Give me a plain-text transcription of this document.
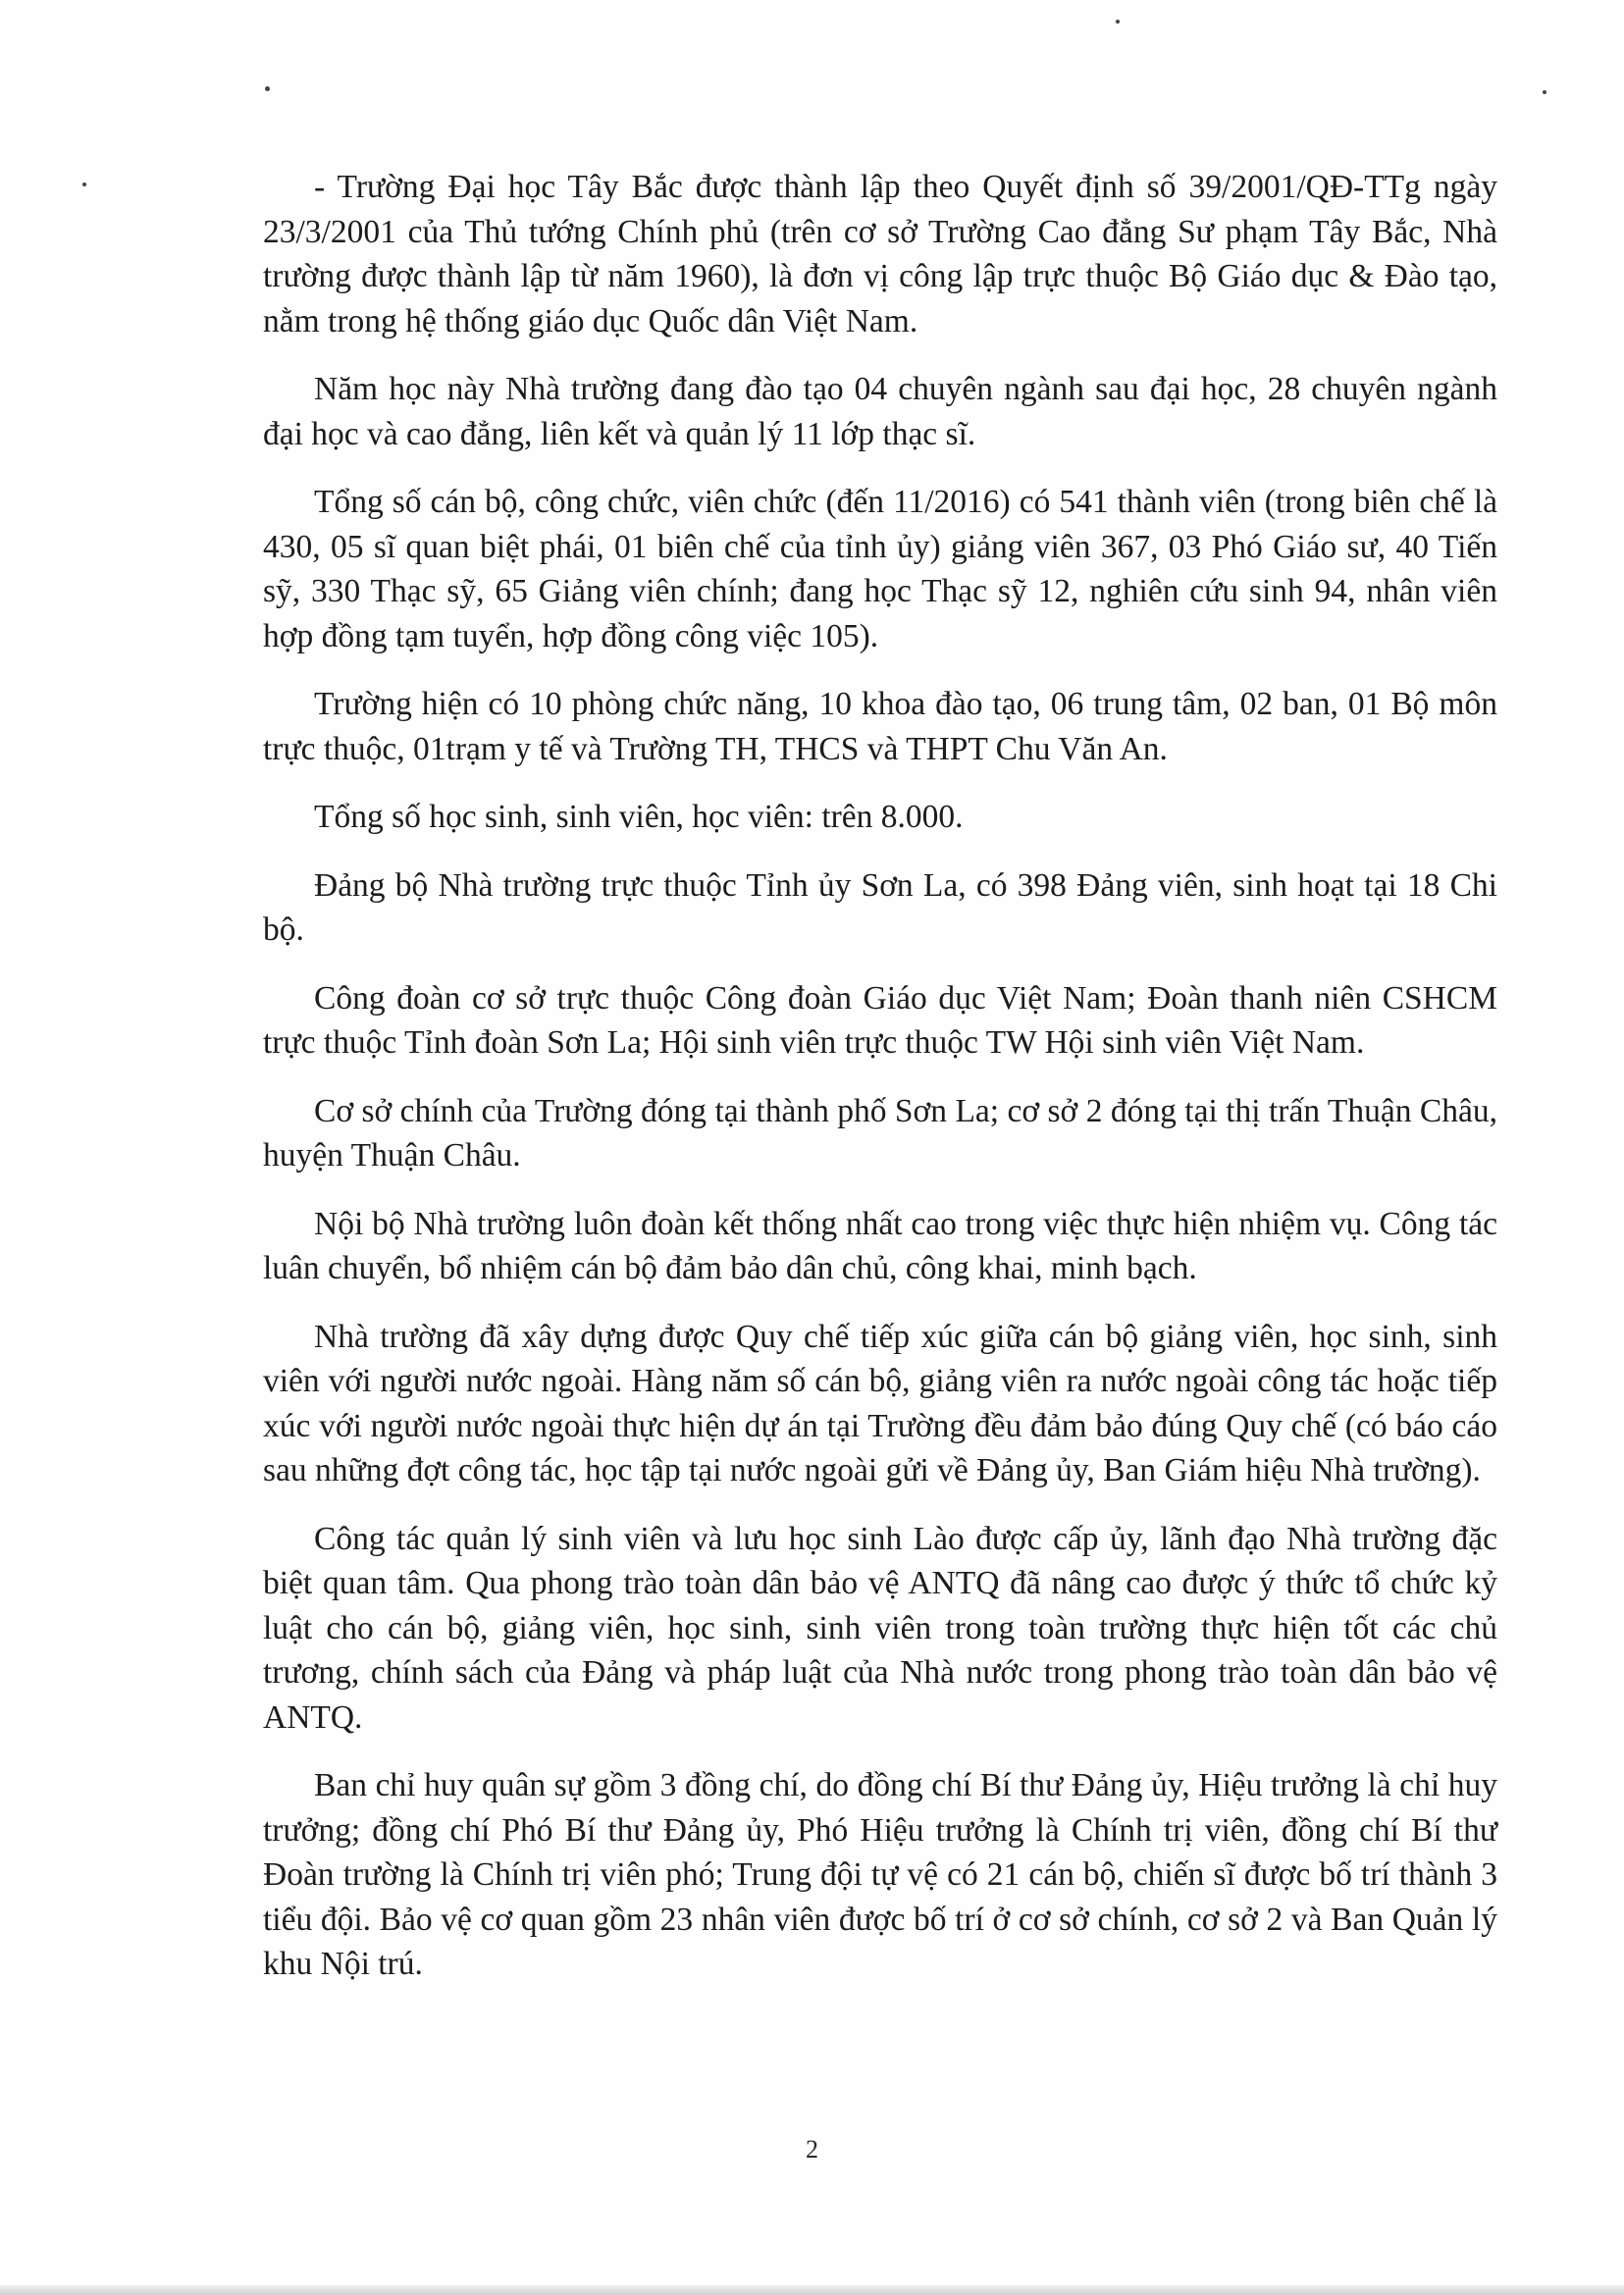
- Trường Đại học Tây Bắc được thành lập theo Quyết định số 39/2001/QĐ-TTg ngày 23/3/2001 của Thủ tướng Chính phủ (trên cơ sở Trường Cao đẳng Sư phạm Tây Bắc, Nhà trường được thành lập từ năm 1960), là đơn vị công lập trực thuộc Bộ Giáo dục & Đào tạo, nằm trong hệ thống giáo dục Quốc dân Việt Nam.

Năm học này Nhà trường đang đào tạo 04 chuyên ngành sau đại học, 28 chuyên ngành đại học và cao đẳng, liên kết và quản lý 11 lớp thạc sĩ.

Tổng số cán bộ, công chức, viên chức (đến 11/2016) có 541 thành viên (trong biên chế là 430, 05 sĩ quan biệt phái, 01 biên chế của tỉnh ủy) giảng viên 367, 03 Phó Giáo sư, 40 Tiến sỹ, 330 Thạc sỹ, 65 Giảng viên chính; đang học Thạc sỹ 12, nghiên cứu sinh 94, nhân viên hợp đồng tạm tuyển, hợp đồng công việc 105).

Trường hiện có 10 phòng chức năng, 10 khoa đào tạo, 06 trung tâm, 02 ban, 01 Bộ môn trực thuộc, 01trạm y tế và Trường TH, THCS và THPT Chu Văn An.

Tổng số học sinh, sinh viên, học viên: trên 8.000.

Đảng bộ Nhà trường trực thuộc Tỉnh ủy Sơn La, có 398 Đảng viên, sinh hoạt tại 18 Chi bộ.

Công đoàn cơ sở trực thuộc Công đoàn Giáo dục Việt Nam; Đoàn thanh niên CSHCM trực thuộc Tỉnh đoàn Sơn La; Hội sinh viên trực thuộc TW Hội sinh viên Việt Nam.

Cơ sở chính của Trường đóng tại thành phố Sơn La; cơ sở 2 đóng tại thị trấn Thuận Châu, huyện Thuận Châu.

Nội bộ Nhà trường luôn đoàn kết thống nhất cao trong việc thực hiện nhiệm vụ. Công tác luân chuyển, bổ nhiệm cán bộ đảm bảo dân chủ, công khai, minh bạch.

Nhà trường đã xây dựng được Quy chế tiếp xúc giữa cán bộ giảng viên, học sinh, sinh viên với người nước ngoài. Hàng năm số cán bộ, giảng viên ra nước ngoài công tác hoặc tiếp xúc với người nước ngoài thực hiện dự án tại Trường đều đảm bảo đúng Quy chế (có báo cáo sau những đợt công tác, học tập tại nước ngoài gửi về Đảng ủy, Ban Giám hiệu Nhà trường).

Công tác quản lý sinh viên và lưu học sinh Lào được cấp ủy, lãnh đạo Nhà trường đặc biệt quan tâm. Qua phong trào toàn dân bảo vệ ANTQ đã nâng cao được ý thức tổ chức kỷ luật cho cán bộ, giảng viên, học sinh, sinh viên trong toàn trường thực hiện tốt các chủ trương, chính sách của Đảng và pháp luật của Nhà nước trong phong trào toàn dân bảo vệ ANTQ.

Ban chỉ huy quân sự gồm 3 đồng chí, do đồng chí Bí thư Đảng ủy, Hiệu trưởng là chỉ huy trưởng; đồng chí Phó Bí thư Đảng ủy, Phó Hiệu trưởng là Chính trị viên, đồng chí Bí thư Đoàn trường là Chính trị viên phó; Trung đội tự vệ có 21 cán bộ, chiến sĩ được bố trí thành 3 tiểu đội. Bảo vệ cơ quan gồm 23 nhân viên được bố trí ở cơ sở chính, cơ sở 2 và Ban Quản lý khu Nội trú.

2
